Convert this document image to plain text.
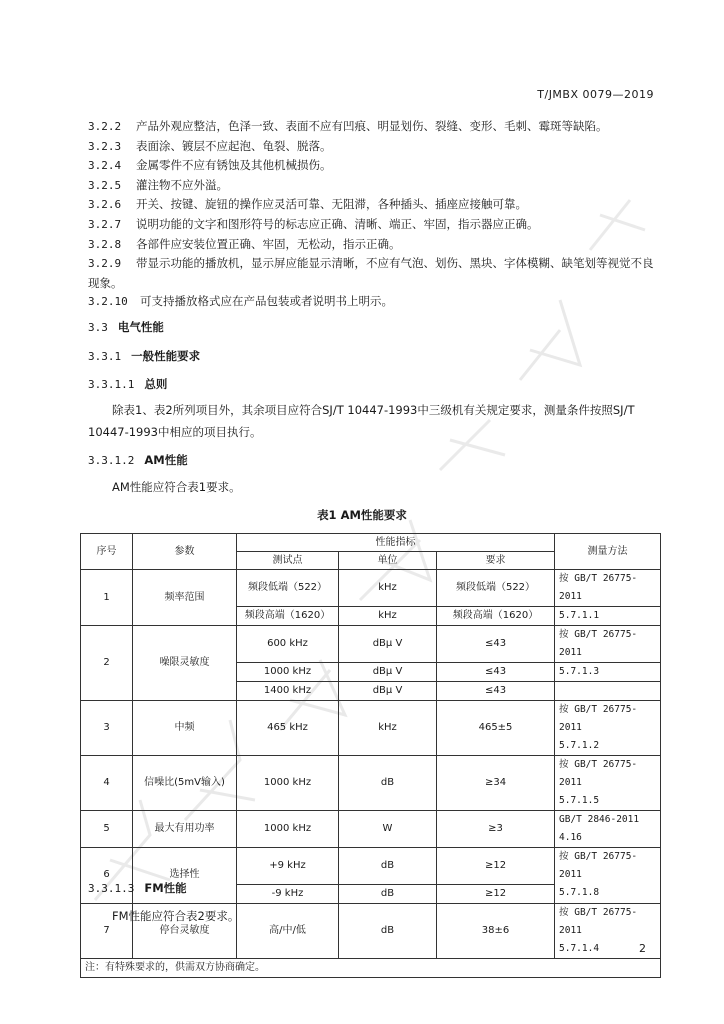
T/JMBX 0079—2019
3.2.2 产品外观应整洁，色泽一致、表面不应有凹痕、明显划伤、裂缝、变形、毛刺、霉斑等缺陷。
3.2.3 表面涂、镀层不应起泡、龟裂、脱落。
3.2.4 金属零件不应有锈蚀及其他机械损伤。
3.2.5 灌注物不应外溢。
3.2.6 开关、按键、旋钮的操作应灵活可靠、无阻滞，各种插头、插座应接触可靠。
3.2.7 说明功能的文字和图形符号的标志应正确、清晰、端正、牢固，指示器应正确。
3.2.8 各部件应安装位置正确、牢固，无松动，指示正确。
3.2.9 带显示功能的播放机，显示屏应能显示清晰，不应有气泡、划伤、黑块、字体模糊、缺笔划等视觉不良现象。
3.2.10 可支持播放格式应在产品包装或者说明书上明示。
3.3 电气性能
3.3.1 一般性能要求
3.3.1.1 总则
除表1、表2所列项目外，其余项目应符合SJ/T 10447-1993中三级机有关规定要求，测量条件按照SJ/T 10447-1993中相应的项目执行。
3.3.1.2 AM性能
AM性能应符合表1要求。
表1 AM性能要求
序号	参数	性能指标			测量方法
		测试点	单位	要求	
1	频率范围	频段低端（522）	kHz	频段低端（522）	按 GB/T 26775-2011
		频段高端（1620）	kHz	频段高端（1620）	5.7.1.1
2	噪限灵敏度	600 kHz	dBμ V	≤43	按 GB/T 26775-2011
		1000 kHz	dBμ V	≤43	5.7.1.3
		1400 kHz	dBμ V	≤43	
3	中频	465 kHz	kHz	465±5	按 GB/T 26775-2011
					5.7.1.2
4	信噪比(5mV输入)	1000 kHz	dB	≥34	按 GB/T 26775-2011
					5.7.1.5
5	最大有用功率	1000 kHz	W	≥3	GB/T 2846-2011 4.16
6	选择性	+9 kHz	dB	≥12	按 GB/T 26775-2011
		-9 kHz	dB	≥12	5.7.1.8
7	停台灵敏度	高/中/低	dB	38±6	按 GB/T 26775-2011
					5.7.1.4
注：有特殊要求的，供需双方协商确定。					
3.3.1.3 FM性能
FM性能应符合表2要求。
2
